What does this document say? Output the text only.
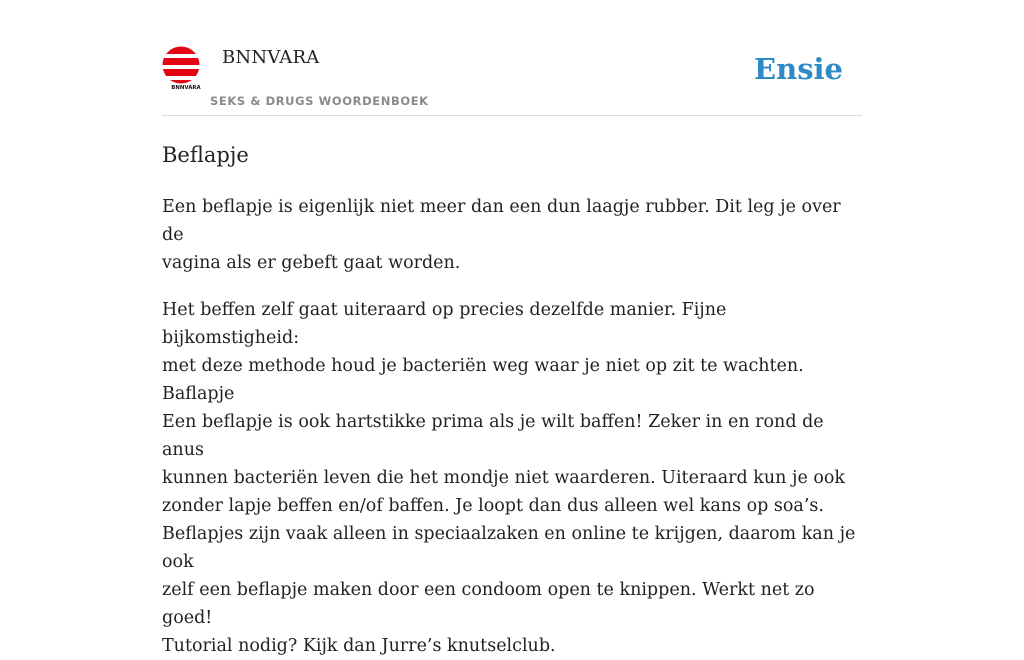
BNNVARA
BNNVARA
SEKS & DRUGS WOORDENBOEK
Ensie
Beflapje

Een beflapje is eigenlijk niet meer dan een dun laagje rubber. Dit leg je over de
vagina als er gebeft gaat worden.

Het beffen zelf gaat uiteraard op precies dezelfde manier. Fijne bijkomstigheid:
met deze methode houd je bacteriën weg waar je niet op zit te wachten. Baflapje
Een beflapje is ook hartstikke prima als je wilt baffen! Zeker in en rond de anus
kunnen bacteriën leven die het mondje niet waarderen. Uiteraard kun je ook
zonder lapje beffen en/of baffen. Je loopt dan dus alleen wel kans op soa’s.
Beflapjes zijn vaak alleen in speciaalzaken en online te krijgen, daarom kan je ook
zelf een beflapje maken door een condoom open te knippen. Werkt net zo goed!
Tutorial nodig? Kijk dan Jurre’s knutselclub.
